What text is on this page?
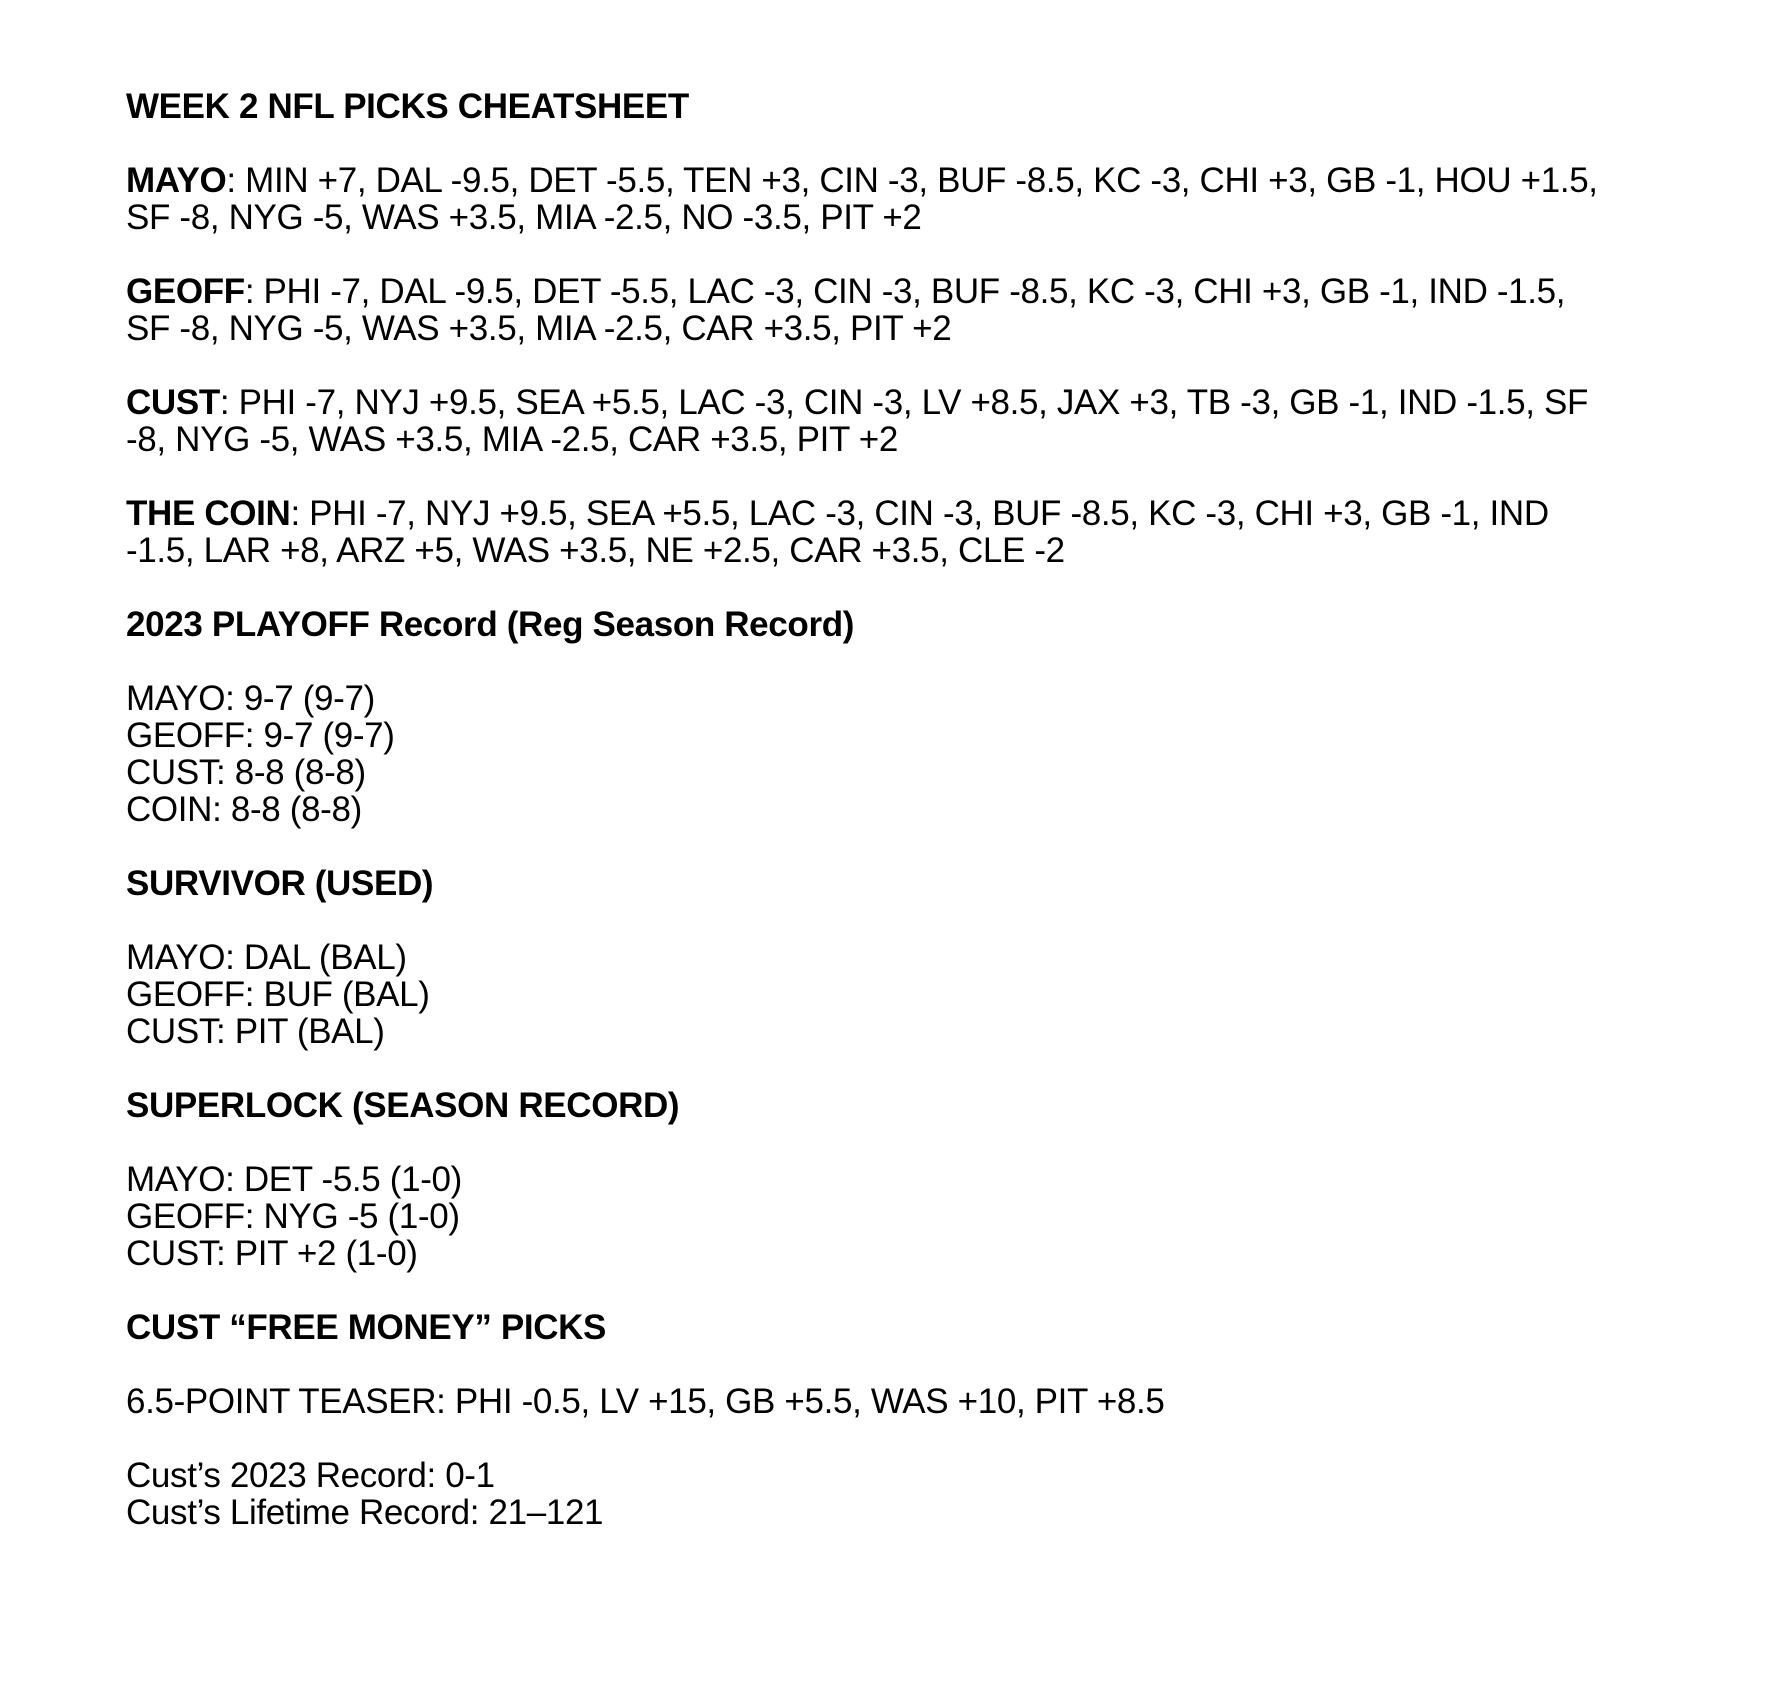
WEEK 2 NFL PICKS CHEATSHEET

MAYO: MIN +7, DAL -9.5, DET -5.5, TEN +3, CIN -3, BUF -8.5, KC -3, CHI +3, GB -1, HOU +1.5, SF -8, NYG -5, WAS +3.5, MIA -2.5, NO -3.5, PIT +2

GEOFF: PHI -7, DAL -9.5, DET -5.5, LAC -3, CIN -3, BUF -8.5, KC -3, CHI +3, GB -1, IND -1.5, SF -8, NYG -5, WAS +3.5, MIA -2.5, CAR +3.5, PIT +2

CUST: PHI -7, NYJ +9.5, SEA +5.5, LAC -3, CIN -3, LV +8.5, JAX +3, TB -3, GB -1, IND -1.5, SF -8, NYG -5, WAS +3.5, MIA -2.5, CAR +3.5, PIT +2

THE COIN: PHI -7, NYJ +9.5, SEA +5.5, LAC -3, CIN -3, BUF -8.5, KC -3, CHI +3, GB -1, IND -1.5, LAR +8, ARZ +5, WAS +3.5, NE +2.5, CAR +3.5, CLE -2

2023 PLAYOFF Record (Reg Season Record)

MAYO: 9-7 (9-7)
GEOFF: 9-7 (9-7)
CUST: 8-8 (8-8)
COIN: 8-8 (8-8)

SURVIVOR (USED)

MAYO: DAL (BAL)
GEOFF: BUF (BAL)
CUST: PIT (BAL)

SUPERLOCK (SEASON RECORD)

MAYO: DET -5.5 (1-0)
GEOFF: NYG -5 (1-0)
CUST: PIT +2 (1-0)

CUST “FREE MONEY” PICKS

6.5-POINT TEASER: PHI -0.5, LV +15, GB +5.5, WAS +10, PIT +8.5

Cust’s 2023 Record: 0-1
Cust’s Lifetime Record: 21–121
